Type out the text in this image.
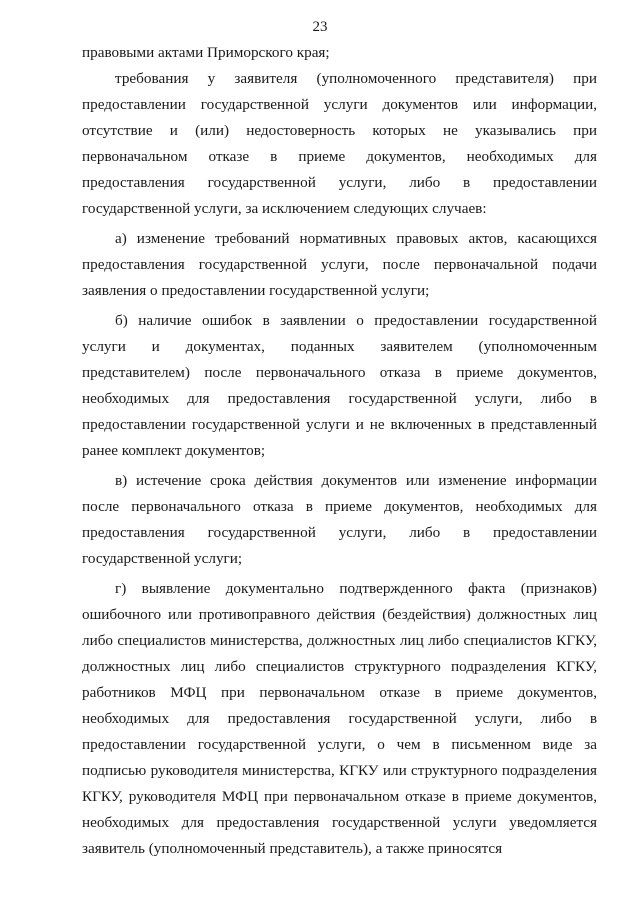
23

правовыми актами Приморского края;

требования у заявителя (уполномоченного представителя) при предоставлении государственной услуги документов или информации, отсутствие и (или) недостоверность которых не указывались при первоначальном отказе в приеме документов, необходимых для предоставления государственной услуги, либо в предоставлении государственной услуги, за исключением следующих случаев:

а) изменение требований нормативных правовых актов, касающихся предоставления государственной услуги, после первоначальной подачи заявления о предоставлении государственной услуги;

б) наличие ошибок в заявлении о предоставлении государственной услуги и документах, поданных заявителем (уполномоченным представителем) после первоначального отказа в приеме документов, необходимых для предоставления государственной услуги, либо в предоставлении государственной услуги и не включенных в представленный ранее комплект документов;

в) истечение срока действия документов или изменение информации после первоначального отказа в приеме документов, необходимых для предоставления государственной услуги, либо в предоставлении государственной услуги;

г) выявление документально подтвержденного факта (признаков) ошибочного или противоправного действия (бездействия) должностных лиц либо специалистов министерства, должностных лиц либо специалистов КГКУ, должностных лиц либо специалистов структурного подразделения КГКУ, работников МФЦ при первоначальном отказе в приеме документов, необходимых для предоставления государственной услуги, либо в предоставлении государственной услуги, о чем в письменном виде за подписью руководителя министерства, КГКУ или структурного подразделения КГКУ, руководителя МФЦ при первоначальном отказе в приеме документов, необходимых для предоставления государственной услуги уведомляется заявитель (уполномоченный представитель), а также приносятся
